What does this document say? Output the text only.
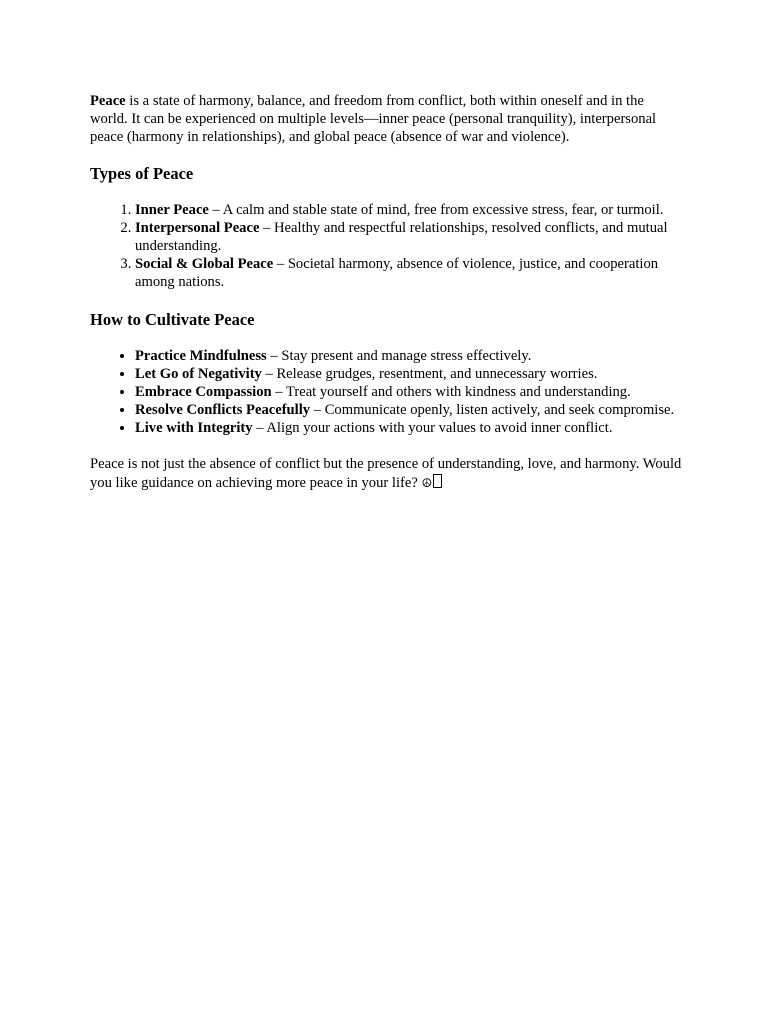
Peace is a state of harmony, balance, and freedom from conflict, both within oneself and in the world. It can be experienced on multiple levels—inner peace (personal tranquility), interpersonal peace (harmony in relationships), and global peace (absence of war and violence).

Types of Peace
1. Inner Peace – A calm and stable state of mind, free from excessive stress, fear, or turmoil.
2. Interpersonal Peace – Healthy and respectful relationships, resolved conflicts, and mutual understanding.
3. Social & Global Peace – Societal harmony, absence of violence, justice, and cooperation among nations.
How to Cultivate Peace
• Practice Mindfulness – Stay present and manage stress effectively.
• Let Go of Negativity – Release grudges, resentment, and unnecessary worries.
• Embrace Compassion – Treat yourself and others with kindness and understanding.
• Resolve Conflicts Peacefully – Communicate openly, listen actively, and seek compromise.
• Live with Integrity – Align your actions with your values to avoid inner conflict.

Peace is not just the absence of conflict but the presence of understanding, love, and harmony. Would you like guidance on achieving more peace in your life? ☮
